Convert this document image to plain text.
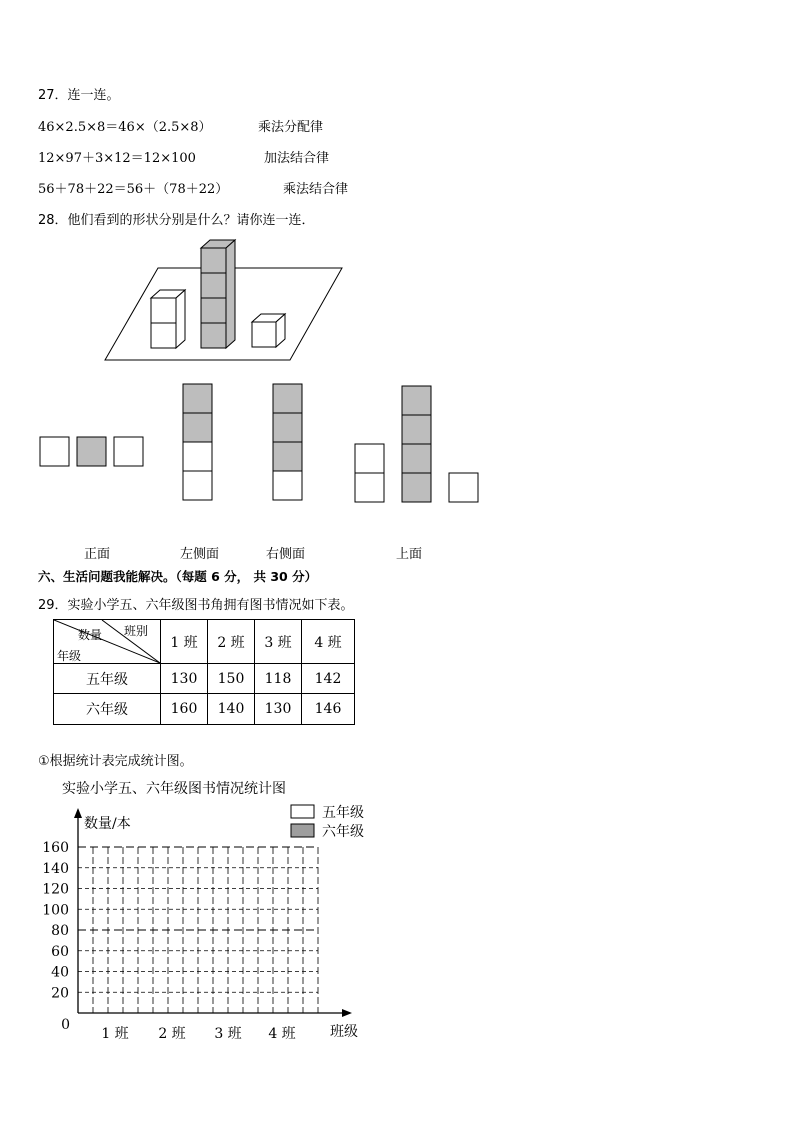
27．连一连。
46×2.5×8＝46×（2.5×8）
12×97＋3×12＝12×100
56＋78＋22＝56＋（78＋22）
乘法分配律
加法结合律
乘法结合律
28．他们看到的形状分别是什么？请你连一连．
正面	左侧面	右侧面	上面
六、生活问题我能解决。（每题 6 分， 共 30 分）
29．实验小学五、六年级图书角拥有图书情况如下表。
数量 班别
年级	1 班	2 班	3 班	4 班
五年级	130	150	118	142
六年级	160	140	130	146
①根据统计表完成统计图。
实验小学五、六年级图书情况统计图
20
40
60
80
100
120
140
160
0
数量/本
1 班 2 班 3 班 4 班 班级
五年级
六年级
